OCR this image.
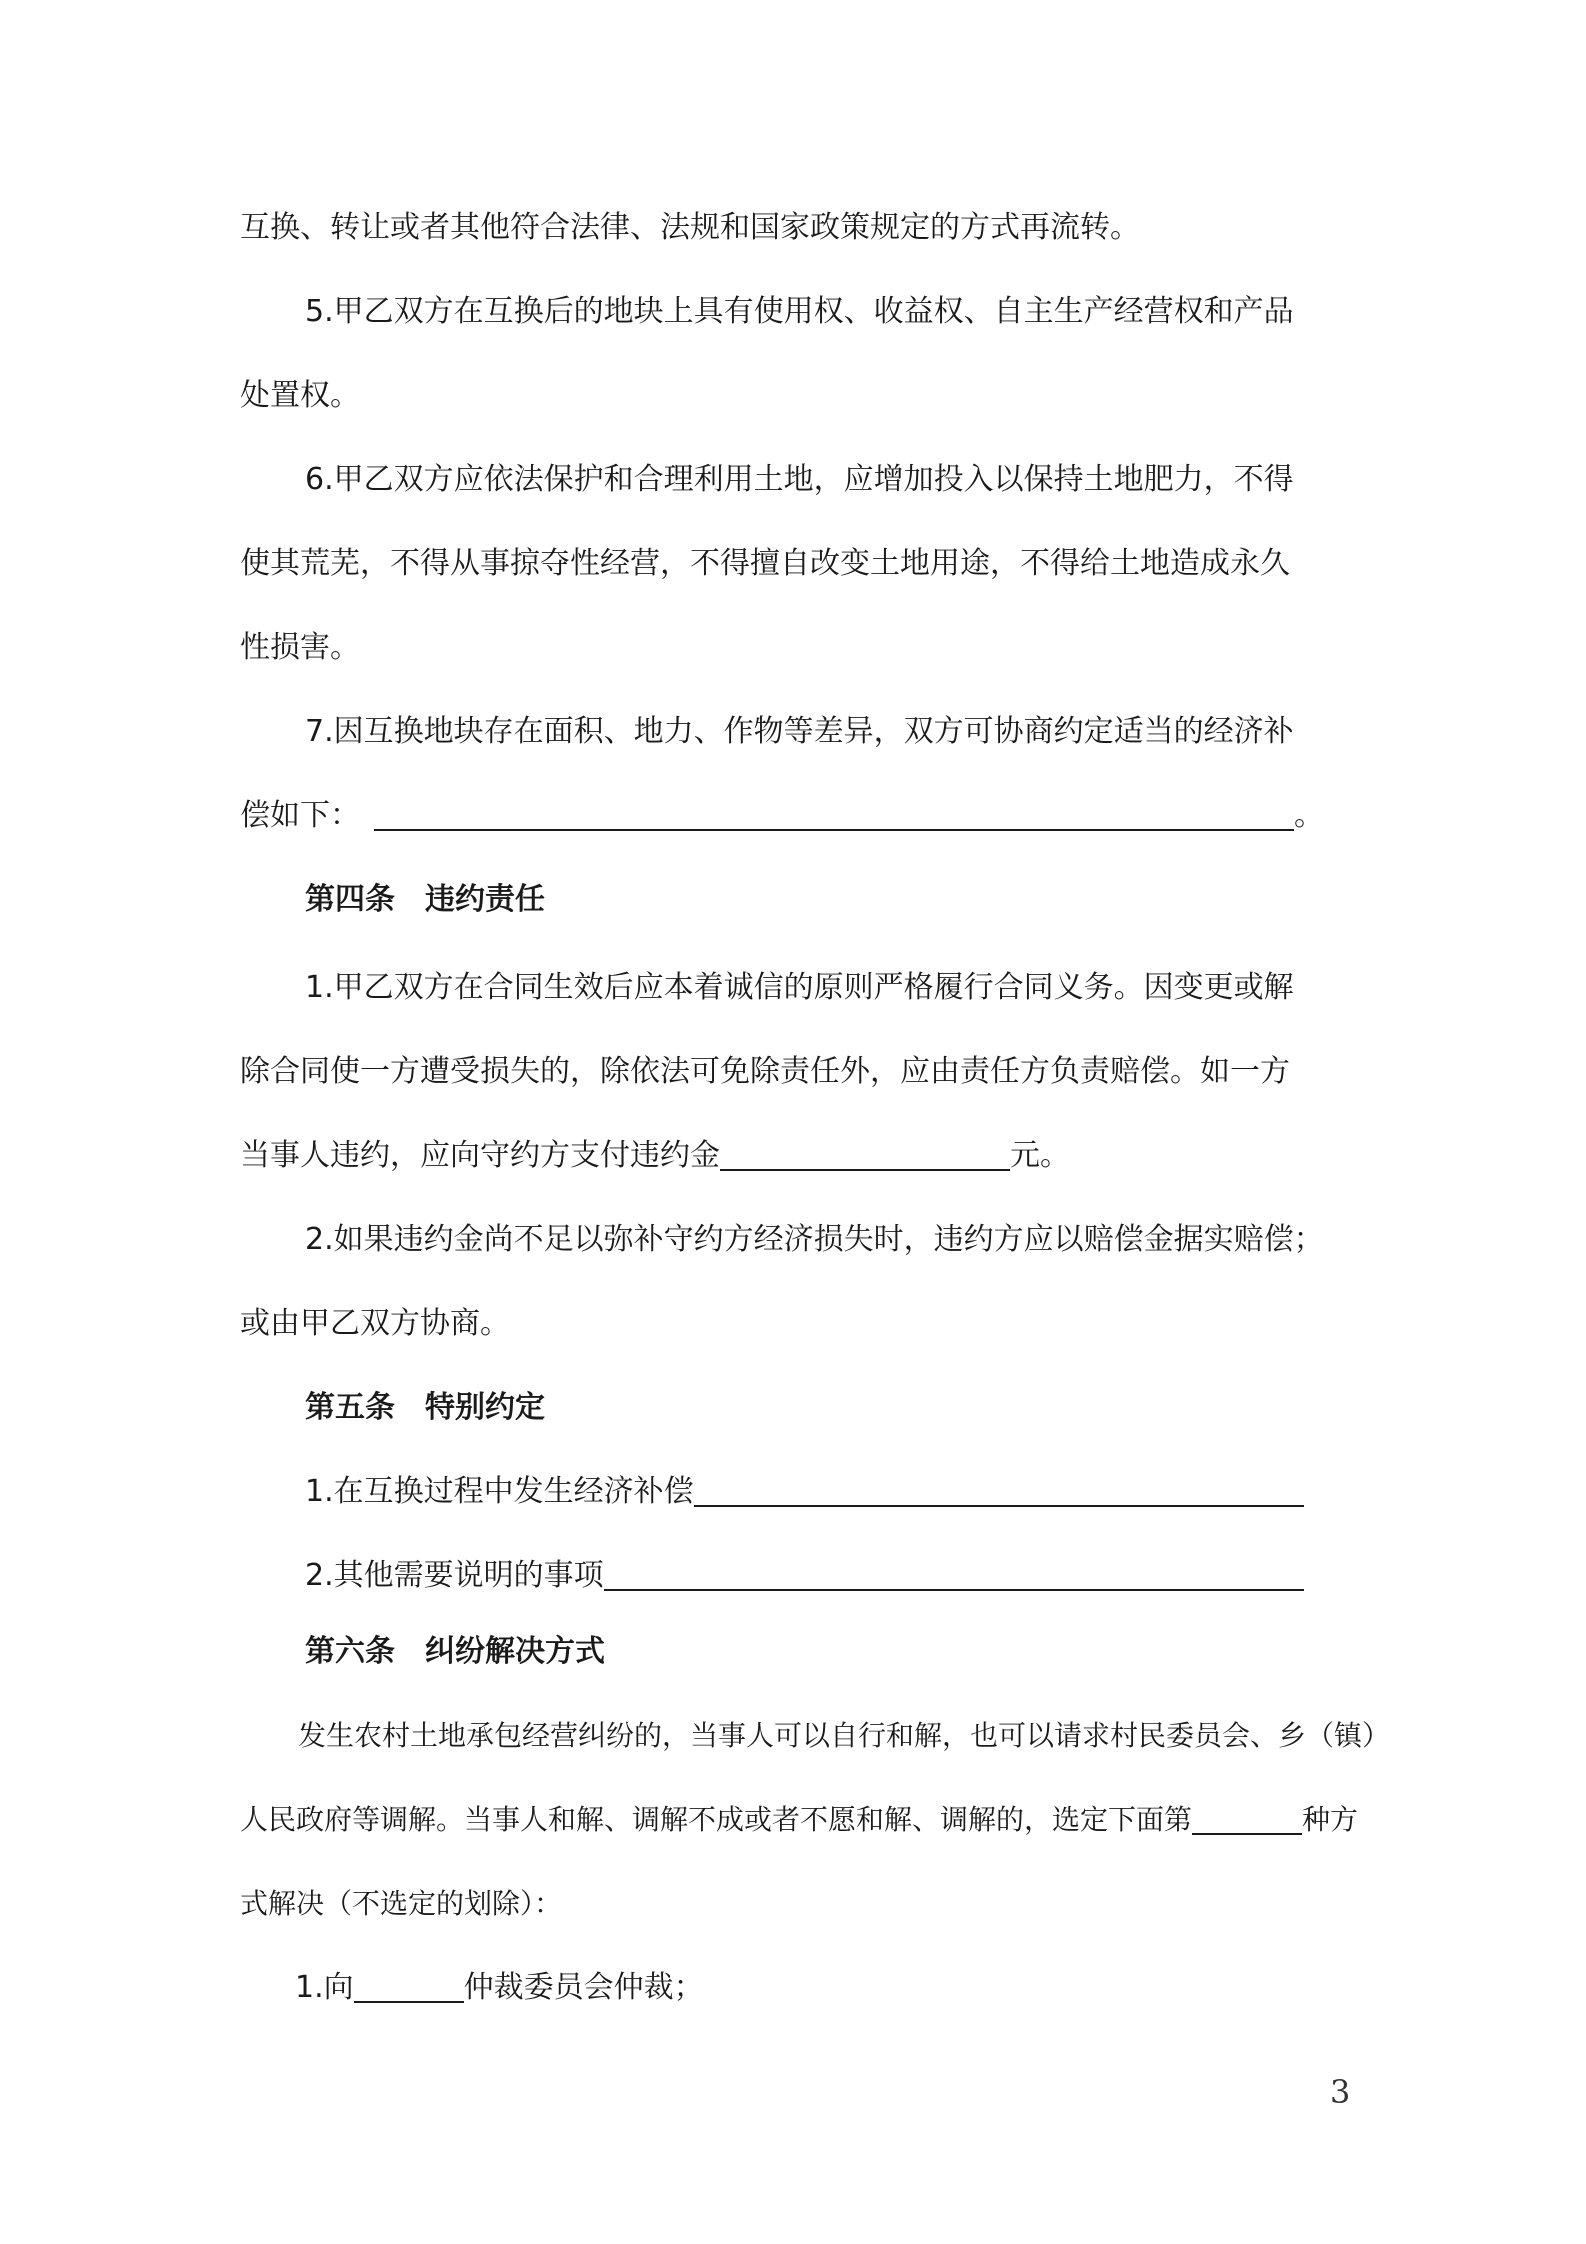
互换、转让或者其他符合法律、法规和国家政策规定的方式再流转。
5.甲乙双方在互换后的地块上具有使用权、收益权、自主生产经营权和产品
处置权。
6.甲乙双方应依法保护和合理利用土地，应增加投入以保持土地肥力，不得
使其荒芜，不得从事掠夺性经营，不得擅自改变土地用途，不得给土地造成永久
性损害。
7.因互换地块存在面积、地力、作物等差异，双方可协商约定适当的经济补
偿如下：	。
第四条　违约责任
1.甲乙双方在合同生效后应本着诚信的原则严格履行合同义务。因变更或解
除合同使一方遭受损失的，除依法可免除责任外，应由责任方负责赔偿。如一方
当事人违约，应向守约方支付违约金	元。
2.如果违约金尚不足以弥补守约方经济损失时，违约方应以赔偿金据实赔偿；
或由甲乙双方协商。
第五条　特别约定
1.在互换过程中发生经济补偿
2.其他需要说明的事项
第六条　纠纷解决方式
发生农村土地承包经营纠纷的，当事人可以自行和解，也可以请求村民委员会、乡（镇）
人民政府等调解。当事人和解、调解不成或者不愿和解、调解的，选定下面第	种方
式解决（不选定的划除）：
1.向	仲裁委员会仲裁；
3
